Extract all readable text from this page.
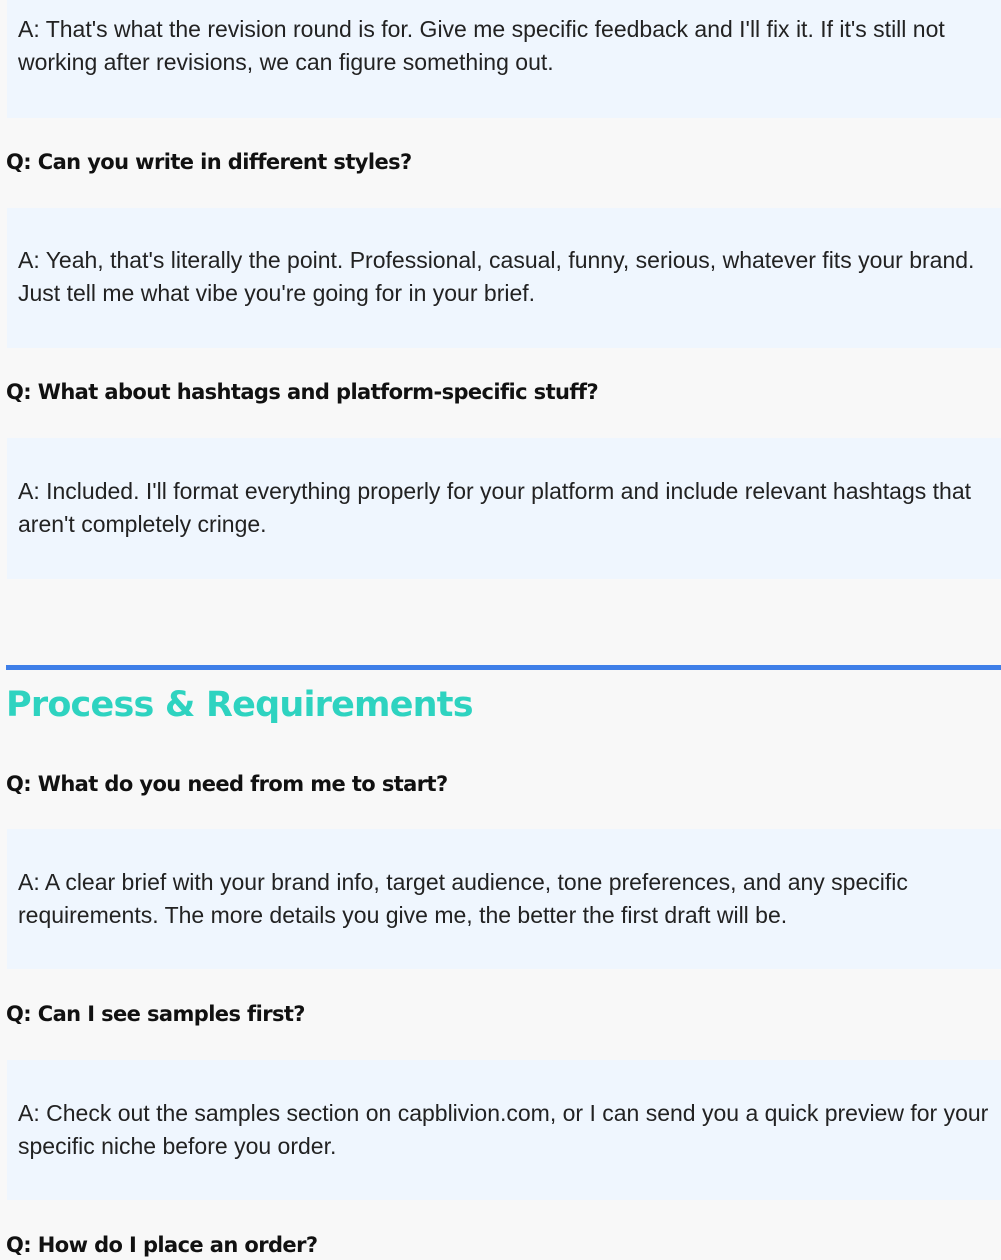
A: That's what the revision round is for. Give me specific feedback and I'll fix it. If it's still not working after revisions, we can figure something out.
Q: Can you write in different styles?
A: Yeah, that's literally the point. Professional, casual, funny, serious, whatever fits your brand. Just tell me what vibe you're going for in your brief.
Q: What about hashtags and platform-specific stuff?
A: Included. I'll format everything properly for your platform and include relevant hashtags that aren't completely cringe.
Process & Requirements
Q: What do you need from me to start?
A: A clear brief with your brand info, target audience, tone preferences, and any specific requirements. The more details you give me, the better the first draft will be.
Q: Can I see samples first?
A: Check out the samples section on capblivion.com, or I can send you a quick preview for your specific niche before you order.
Q: How do I place an order?
